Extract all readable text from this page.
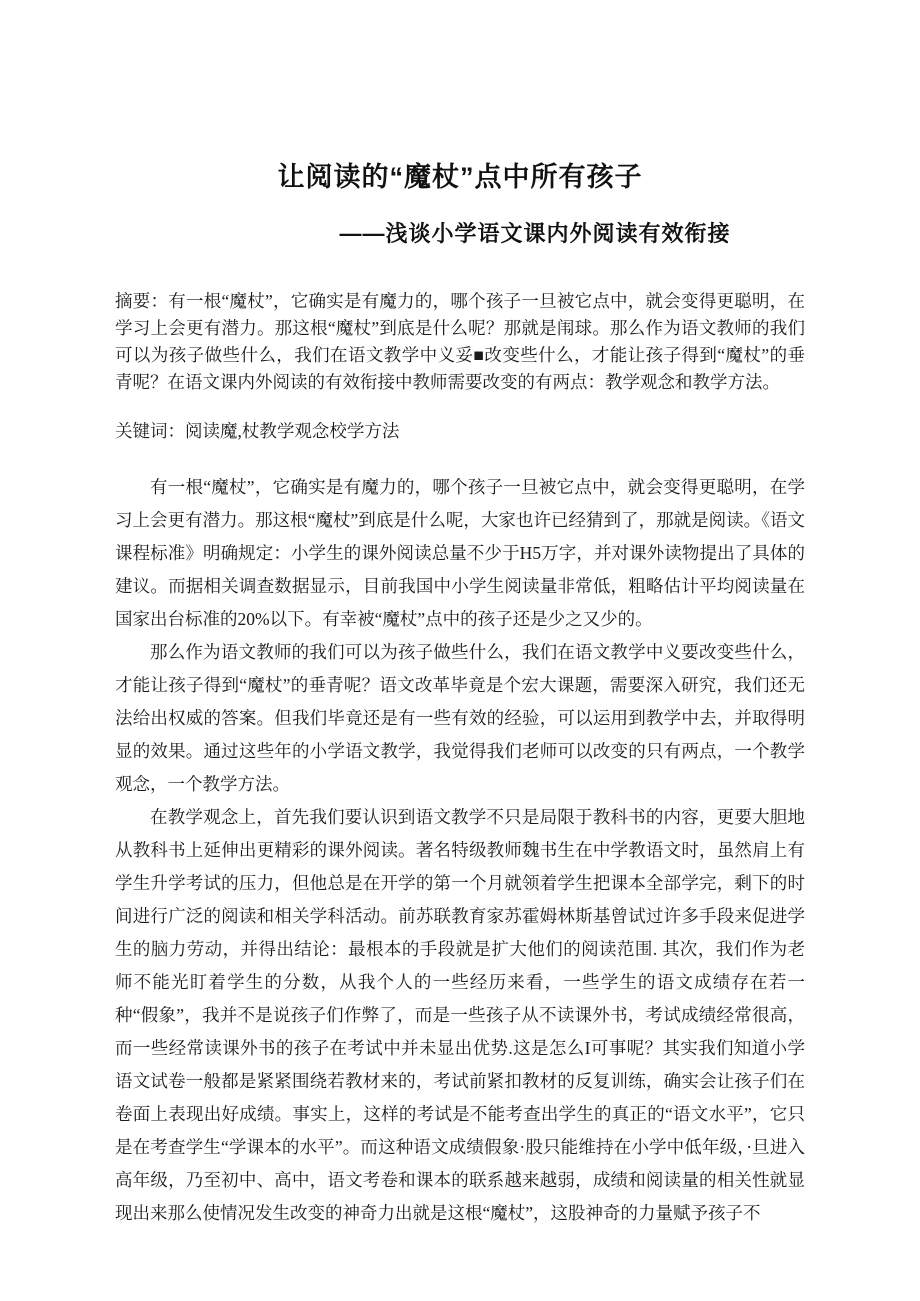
让阅读的“魔杖”点中所有孩子
——浅谈小学语文课内外阅读有效衔接

摘要：有一根“魔杖”，它确实是有魔力的，哪个孩子一旦被它点中，就会变得更聪明，在学习上会更有潜力。那这根“魔杖”到底是什么呢？那就是闱球。那么作为语文教师的我们可以为孩子做些什么，我们在语文教学中义妥■改变些什么，才能让孩子得到“魔杖”的垂青呢？在语文课内外阅读的有效衔接中教师需要改变的有两点：教学观念和教学方法。

关键词：阅读魔,杖教学观念校学方法

有一根“魔杖”，它确实是有魔力的，哪个孩子一旦被它点中，就会变得更聪明，在学习上会更有潜力。那这根“魔杖”到底是什么呢，大家也许已经猜到了，那就是阅读。《语文课程标准》明确规定：小学生的课外阅读总量不少于H5万字，并对课外读物提出了具体的建议。而据相关调查数据显示，目前我国中小学生阅读量非常低，粗略估计平均阅读量在国家出台标准的20%以下。有幸被“魔杖”点中的孩子还是少之又少的。

那么作为语文教师的我们可以为孩子做些什么，我们在语文教学中义要改变些什么，才能让孩子得到“魔杖”的垂青呢？语文改革毕竟是个宏大课题，需要深入研究，我们还无法给出权威的答案。但我们毕竟还是有一些有效的经验，可以运用到教学中去，并取得明显的效果。通过这些年的小学语文教学，我觉得我们老师可以改变的只有两点，一个教学观念，一个教学方法。

在教学观念上，首先我们要认识到语文教学不只是局限于教科书的内容，更要大胆地从教科书上延伸出更精彩的课外阅读。著名特级教师魏书生在中学教语文时，虽然肩上有学生升学考试的压力，但他总是在开学的第一个月就领着学生把课本全部学完，剩下的时间进行广泛的阅读和相关学科活动。前苏联教育家苏霍姆林斯基曾试过许多手段来促进学生的脑力劳动，并得出结论：最根本的手段就是扩大他们的阅读范围. 其次，我们作为老师不能光盯着学生的分数，从我个人的一些经历来看，一些学生的语文成绩存在若一种“假象”，我并不是说孩子们作弊了，而是一些孩子从不读课外书，考试成绩经常很高，而一些经常读课外书的孩子在考试中并未显出优势.这是怎么I可事呢？其实我们知道小学语文试卷一般都是紧紧围绕若教材来的，考试前紧扣教材的反复训练，确实会让孩子们在卷面上表现出好成绩。事实上，这样的考试是不能考查出学生的真正的“语文水平”，它只是在考查学生“学课本的水平”。而这种语文成绩假象·股只能维持在小学中低年级，·旦进入高年级，乃至初中、高中，语文考卷和课本的联系越来越弱，成绩和阅读量的相关性就显现出来那么使情况发生改变的神奇力出就是这根“魔杖”，这股神奇的力量赋予孩子不
